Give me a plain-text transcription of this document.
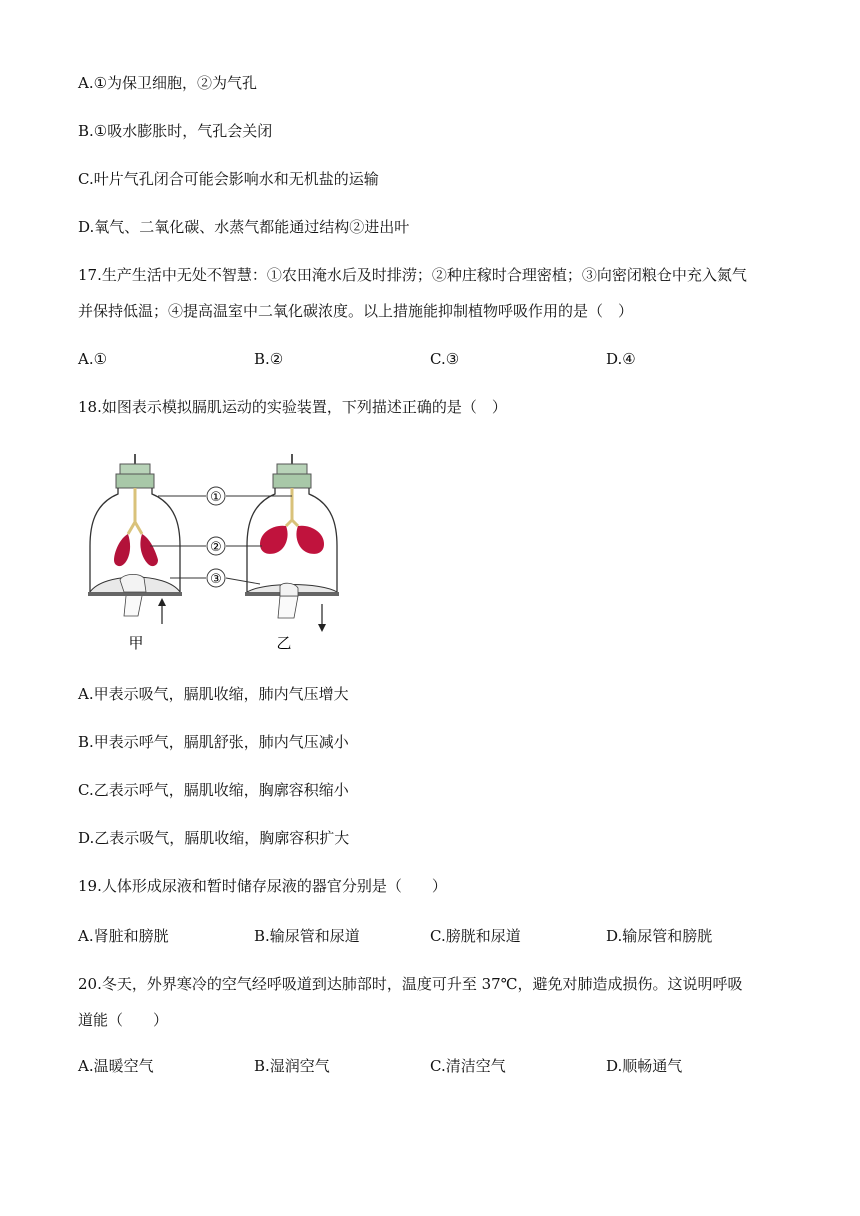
A.①为保卫细胞，②为气孔
B.①吸水膨胀时，气孔会关闭
C.叶片气孔闭合可能会影响水和无机盐的运输
D.氧气、二氧化碳、水蒸气都能通过结构②进出叶
17.生产生活中无处不智慧：①农田淹水后及时排涝；②种庄稼时合理密植；③向密闭粮仓中充入氮气
并保持低温；④提高温室中二氧化碳浓度。以上措施能抑制植物呼吸作用的是（　）
A.①	B.②	C.③	D.④
18.如图表示模拟膈肌运动的实验装置，下列描述正确的是（　）
①
②
③
甲	乙
A.甲表示吸气，膈肌收缩，肺内气压增大
B.甲表示呼气，膈肌舒张，肺内气压减小
C.乙表示呼气，膈肌收缩，胸廓容积缩小
D.乙表示吸气，膈肌收缩，胸廓容积扩大
19.人体形成尿液和暂时储存尿液的器官分别是（　　）
A.肾脏和膀胱	B.输尿管和尿道	C.膀胱和尿道	D.输尿管和膀胱
20.冬天，外界寒冷的空气经呼吸道到达肺部时，温度可升至 37℃，避免对肺造成损伤。这说明呼吸
道能（　　）
A.温暖空气	B.湿润空气	C.清洁空气	D.顺畅通气
